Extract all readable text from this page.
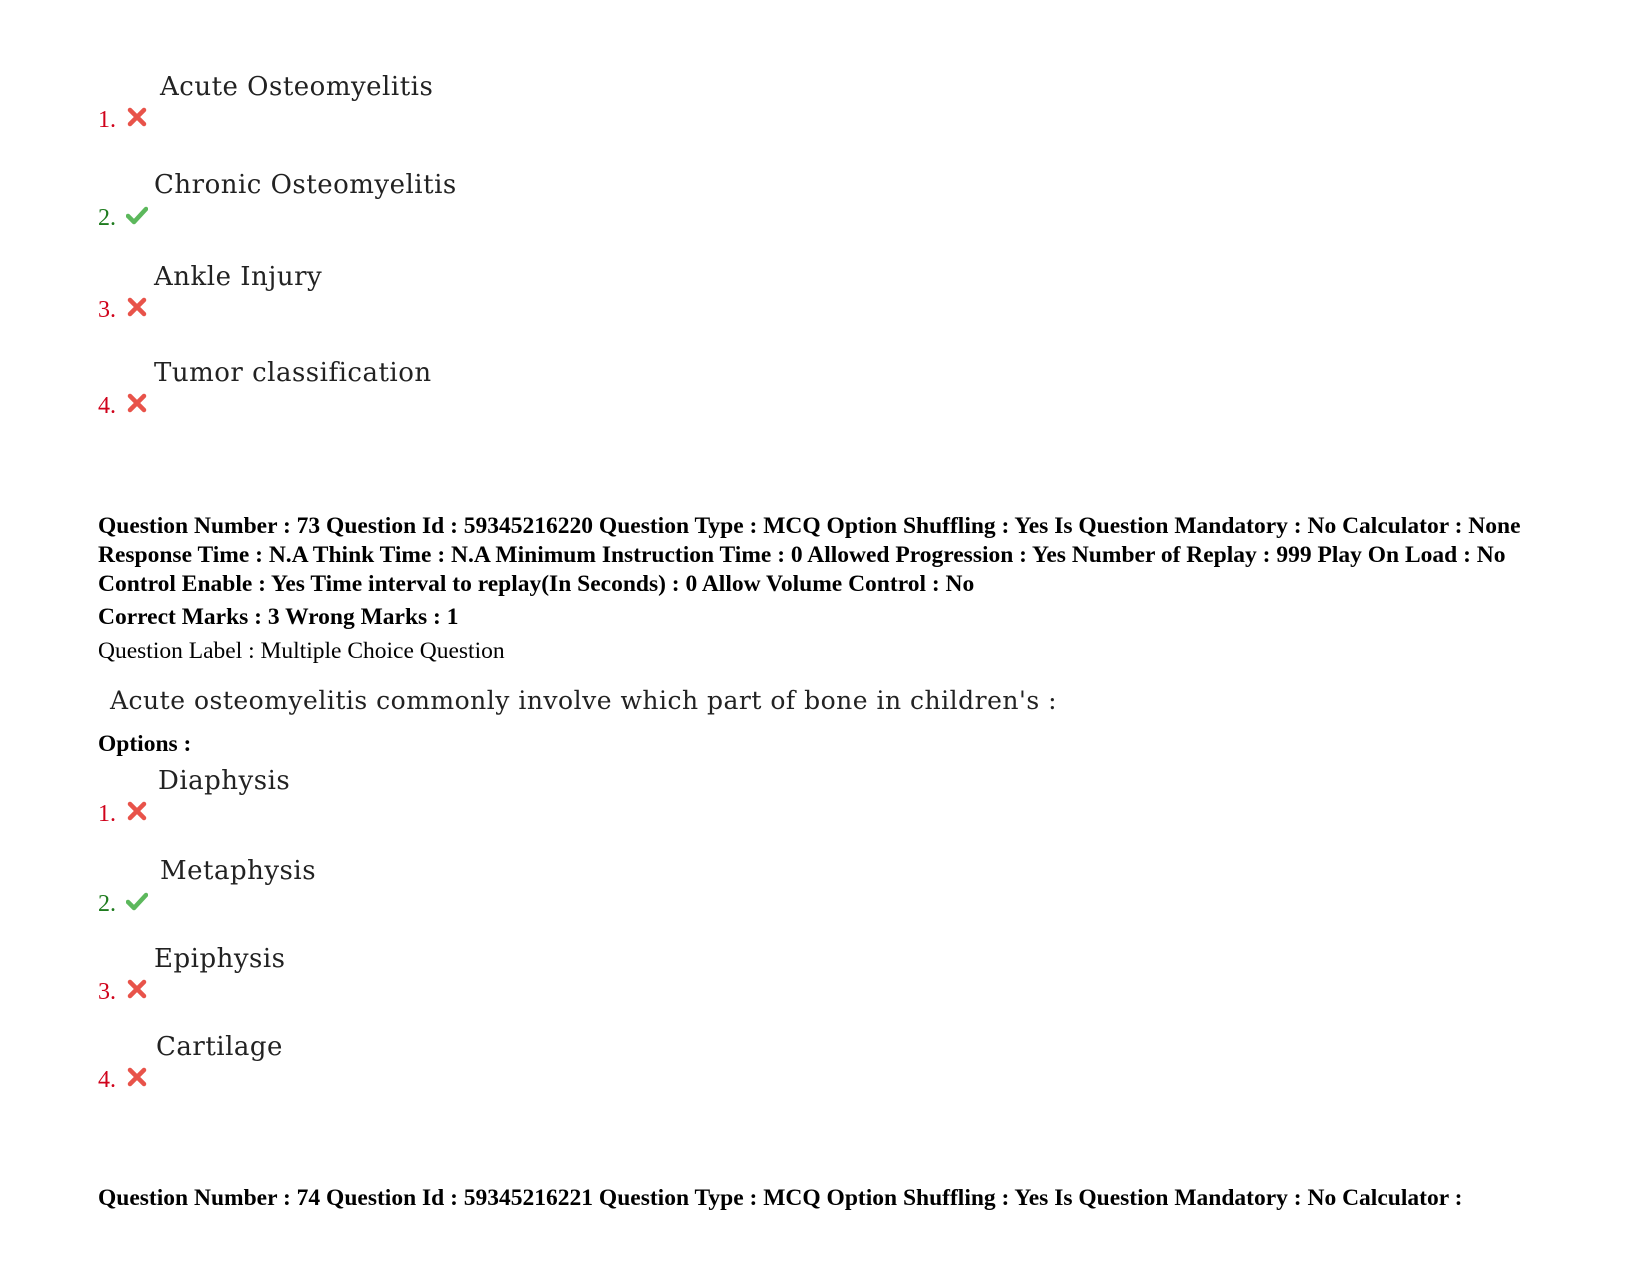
1.
Acute Osteomyelitis
2.
Chronic Osteomyelitis
3.
Ankle Injury
4.
Tumor classification
Question Number : 73 Question Id : 59345216220 Question Type : MCQ Option Shuffling : Yes Is Question Mandatory : No Calculator : None Response Time : N.A Think Time : N.A Minimum Instruction Time : 0 Allowed Progression : Yes Number of Replay : 999 Play On Load : No Control Enable : Yes Time interval to replay(In Seconds) : 0 Allow Volume Control : No
Correct Marks : 3 Wrong Marks : 1
Question Label : Multiple Choice Question
Acute osteomyelitis commonly involve which part of bone in children's :
Options :
1.
Diaphysis
2.
Metaphysis
3.
Epiphysis
4.
Cartilage
Question Number : 74 Question Id : 59345216221 Question Type : MCQ Option Shuffling : Yes Is Question Mandatory : No Calculator :
